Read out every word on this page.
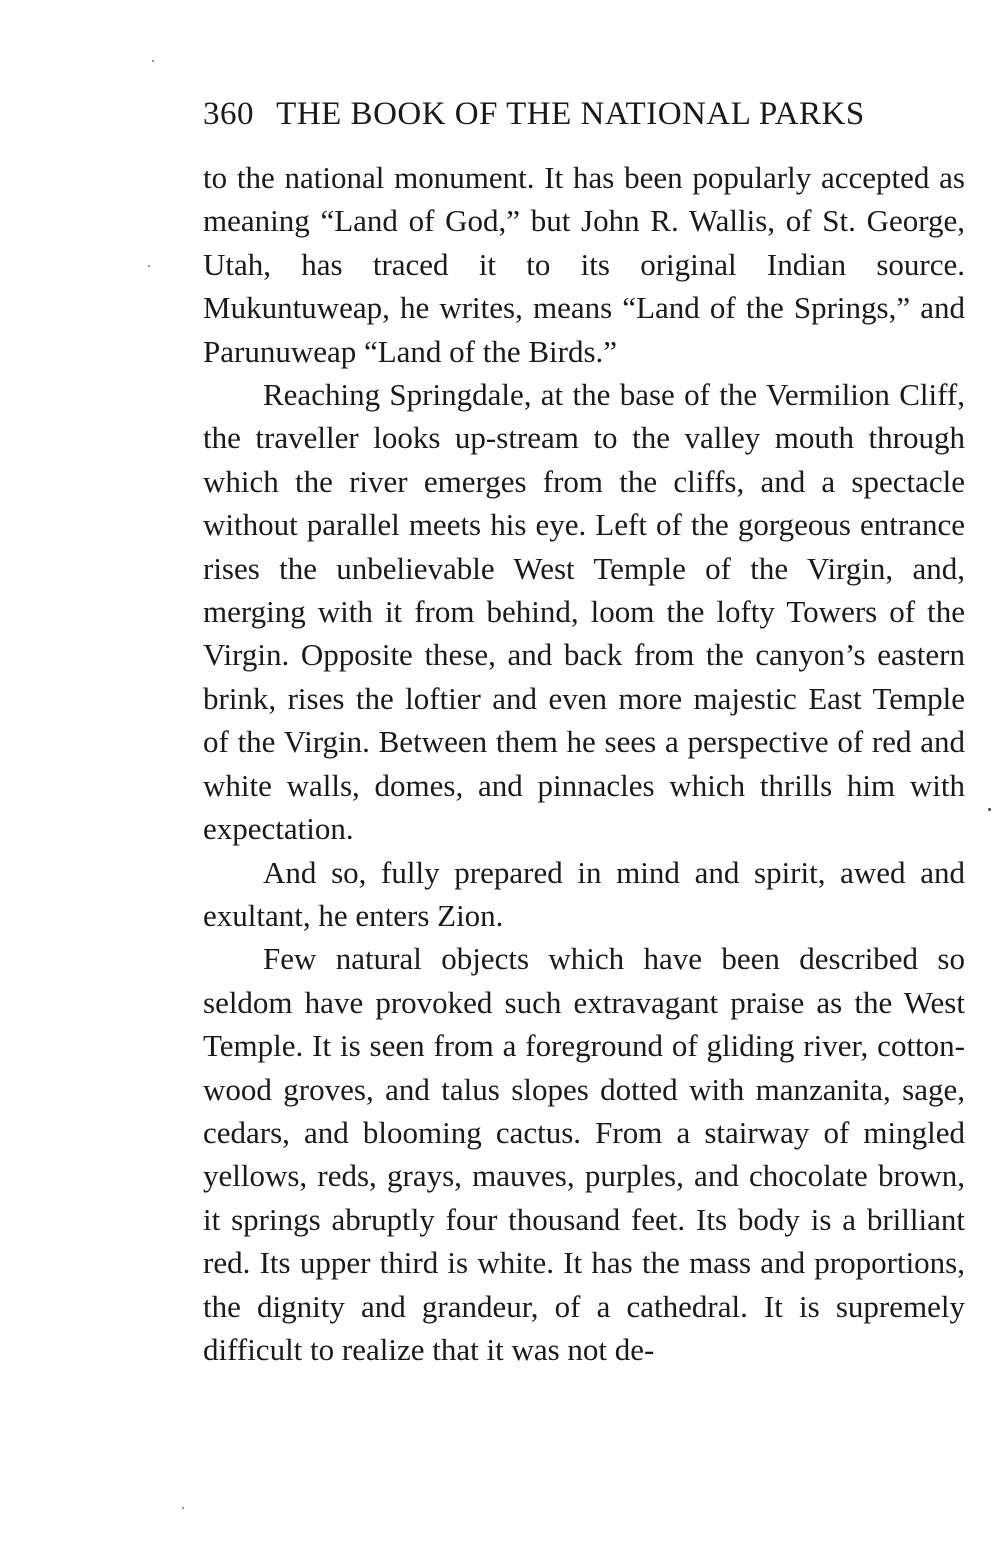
360 THE BOOK OF THE NATIONAL PARKS

to the national monument. It has been popularly accepted as meaning “Land of God,” but John R. Wallis, of St. George, Utah, has traced it to its original Indian source. Mukuntuweap, he writes, means “Land of the Springs,” and Parunuweap “Land of the Birds.”

Reaching Springdale, at the base of the Vermilion Cliff, the traveller looks up-stream to the valley mouth through which the river emerges from the cliffs, and a spectacle without parallel meets his eye. Left of the gorgeous entrance rises the unbelievable West Temple of the Virgin, and, merging with it from behind, loom the lofty Towers of the Virgin. Opposite these, and back from the canyon’s eastern brink, rises the loftier and even more majestic East Temple of the Virgin. Between them he sees a perspective of red and white walls, domes, and pinnacles which thrills him with expectation.

And so, fully prepared in mind and spirit, awed and exultant, he enters Zion.

Few natural objects which have been described so seldom have provoked such extravagant praise as the West Temple. It is seen from a foreground of gliding river, cotton-wood groves, and talus slopes dotted with manzanita, sage, cedars, and blooming cactus. From a stairway of mingled yellows, reds, grays, mauves, purples, and chocolate brown, it springs abruptly four thousand feet. Its body is a brilliant red. Its upper third is white. It has the mass and proportions, the dignity and grandeur, of a cathedral. It is supremely difficult to realize that it was not de-
